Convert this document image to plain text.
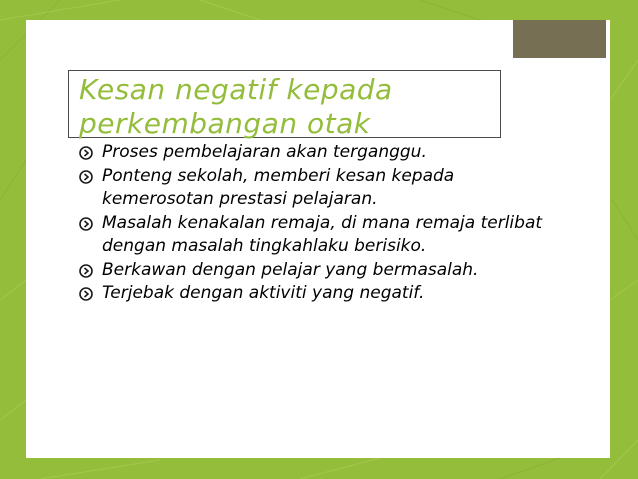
Kesan negatif kepada perkembangan otak
Proses pembelajaran akan terganggu.
Ponteng sekolah, memberi kesan kepada kemerosotan prestasi pelajaran.
Masalah kenakalan remaja, di mana remaja terlibat dengan masalah tingkahlaku berisiko.
Berkawan dengan pelajar yang bermasalah.
Terjebak dengan aktiviti yang negatif.
